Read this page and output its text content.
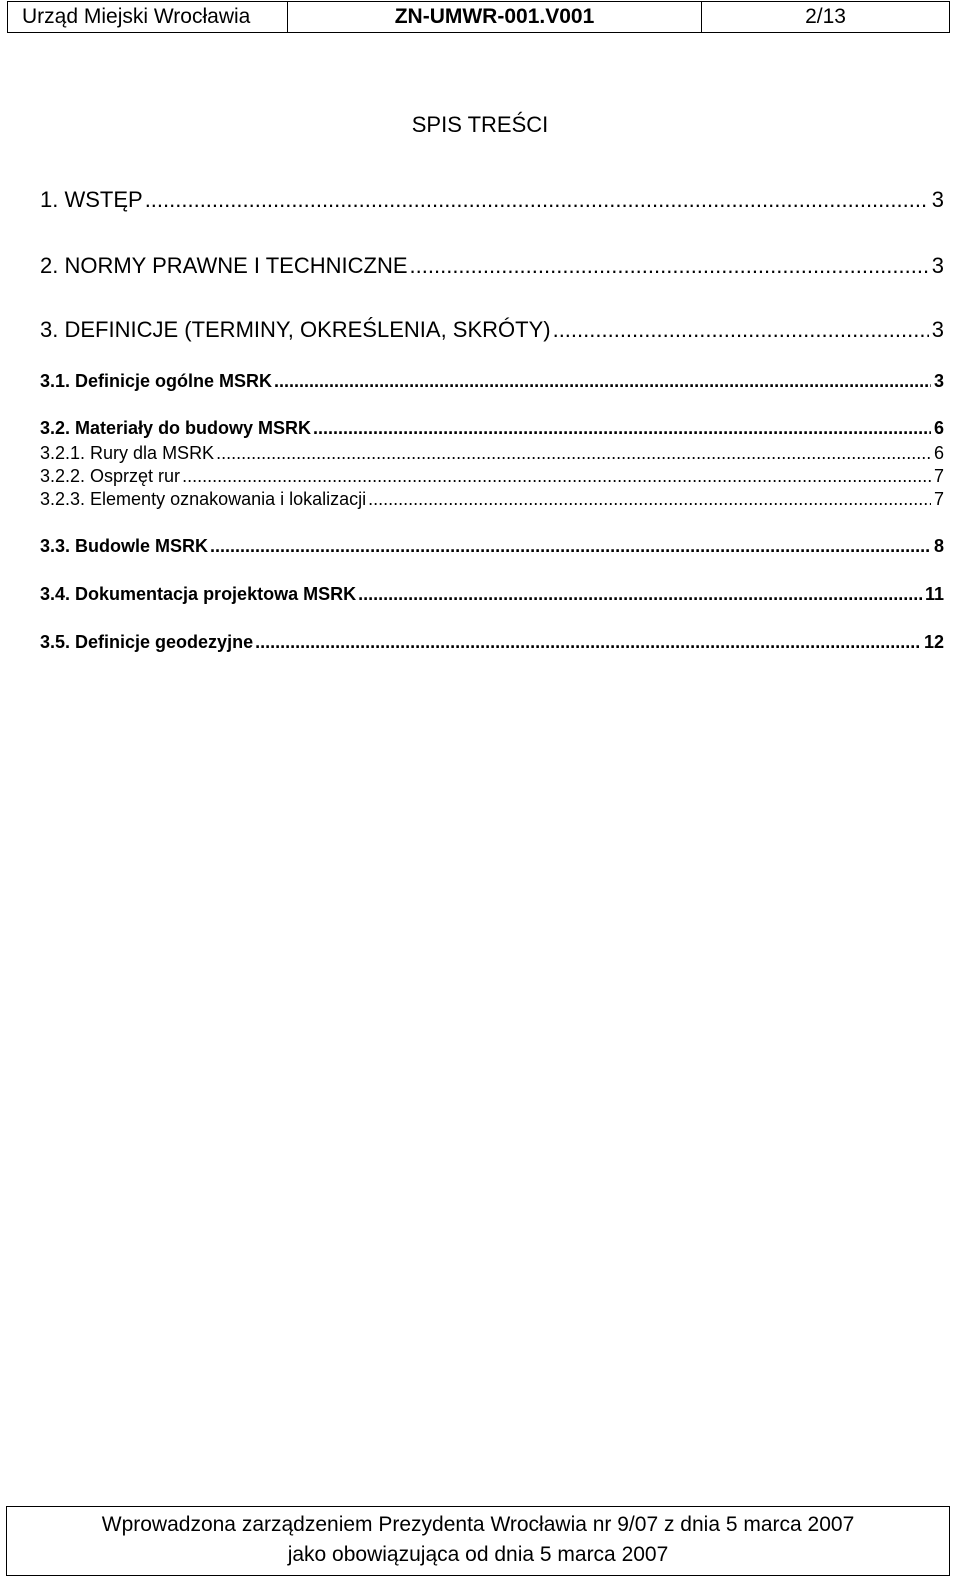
Urząd Miejski Wrocławia	ZN-UMWR-001.V001	2/13
SPIS TREŚCI
1. WSTĘP .....	3
2. NORMY PRAWNE I TECHNICZNE .....	3
3. DEFINICJE (TERMINY, OKREŚLENIA, SKRÓTY) .....	3
3.1. Definicje ogólne MSRK .....	3
3.2. Materiały do budowy MSRK .....	6
3.2.1. Rury dla MSRK .....	6
3.2.2. Osprzęt rur .....	7
3.2.3. Elementy oznakowania i lokalizacji .....	7
3.3. Budowle MSRK .....	8
3.4. Dokumentacja projektowa MSRK .....	11
3.5. Definicje geodezyjne .....	12
Wprowadzona zarządzeniem Prezydenta Wrocławia nr 9/07 z dnia 5 marca 2007
jako obowiązująca od dnia 5 marca 2007
